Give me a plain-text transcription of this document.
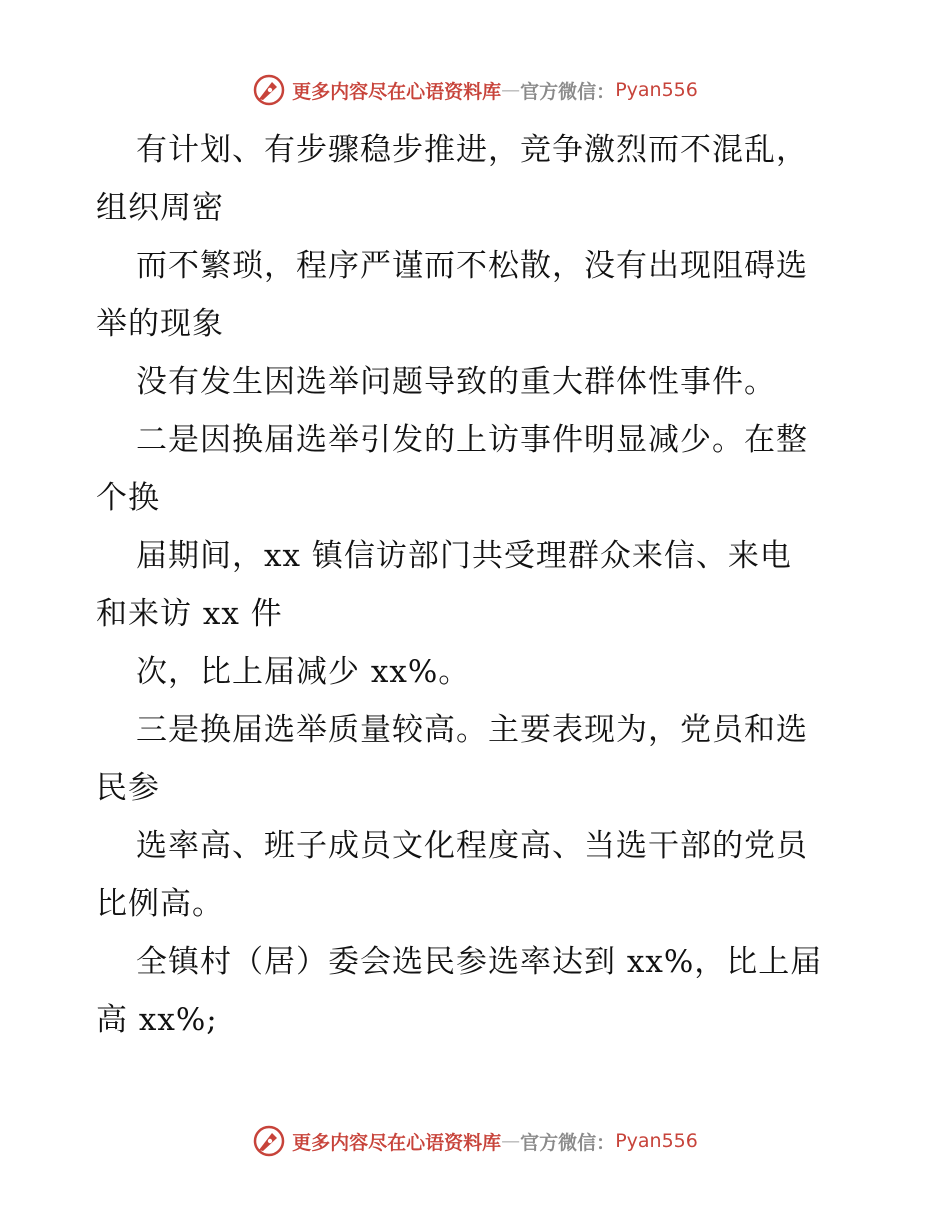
更多内容尽在心语资料库 — 官方微信： Pyan556
有计划、有步骤稳步推进，竞争激烈而不混乱，
组织周密
而不繁琐，程序严谨而不松散，没有出现阻碍选
举的现象
没有发生因选举问题导致的重大群体性事件。
二是因换届选举引发的上访事件明显减少。在整
个换
届期间，xx 镇信访部门共受理群众来信、来电
和来访 xx 件
次，比上届减少 xx%。
三是换届选举质量较高。主要表现为，党员和选
民参
选率高、班子成员文化程度高、当选干部的党员
比例高。
全镇村（居）委会选民参选率达到 xx%，比上届
高 xx%;
更多内容尽在心语资料库 — 官方微信： Pyan556
